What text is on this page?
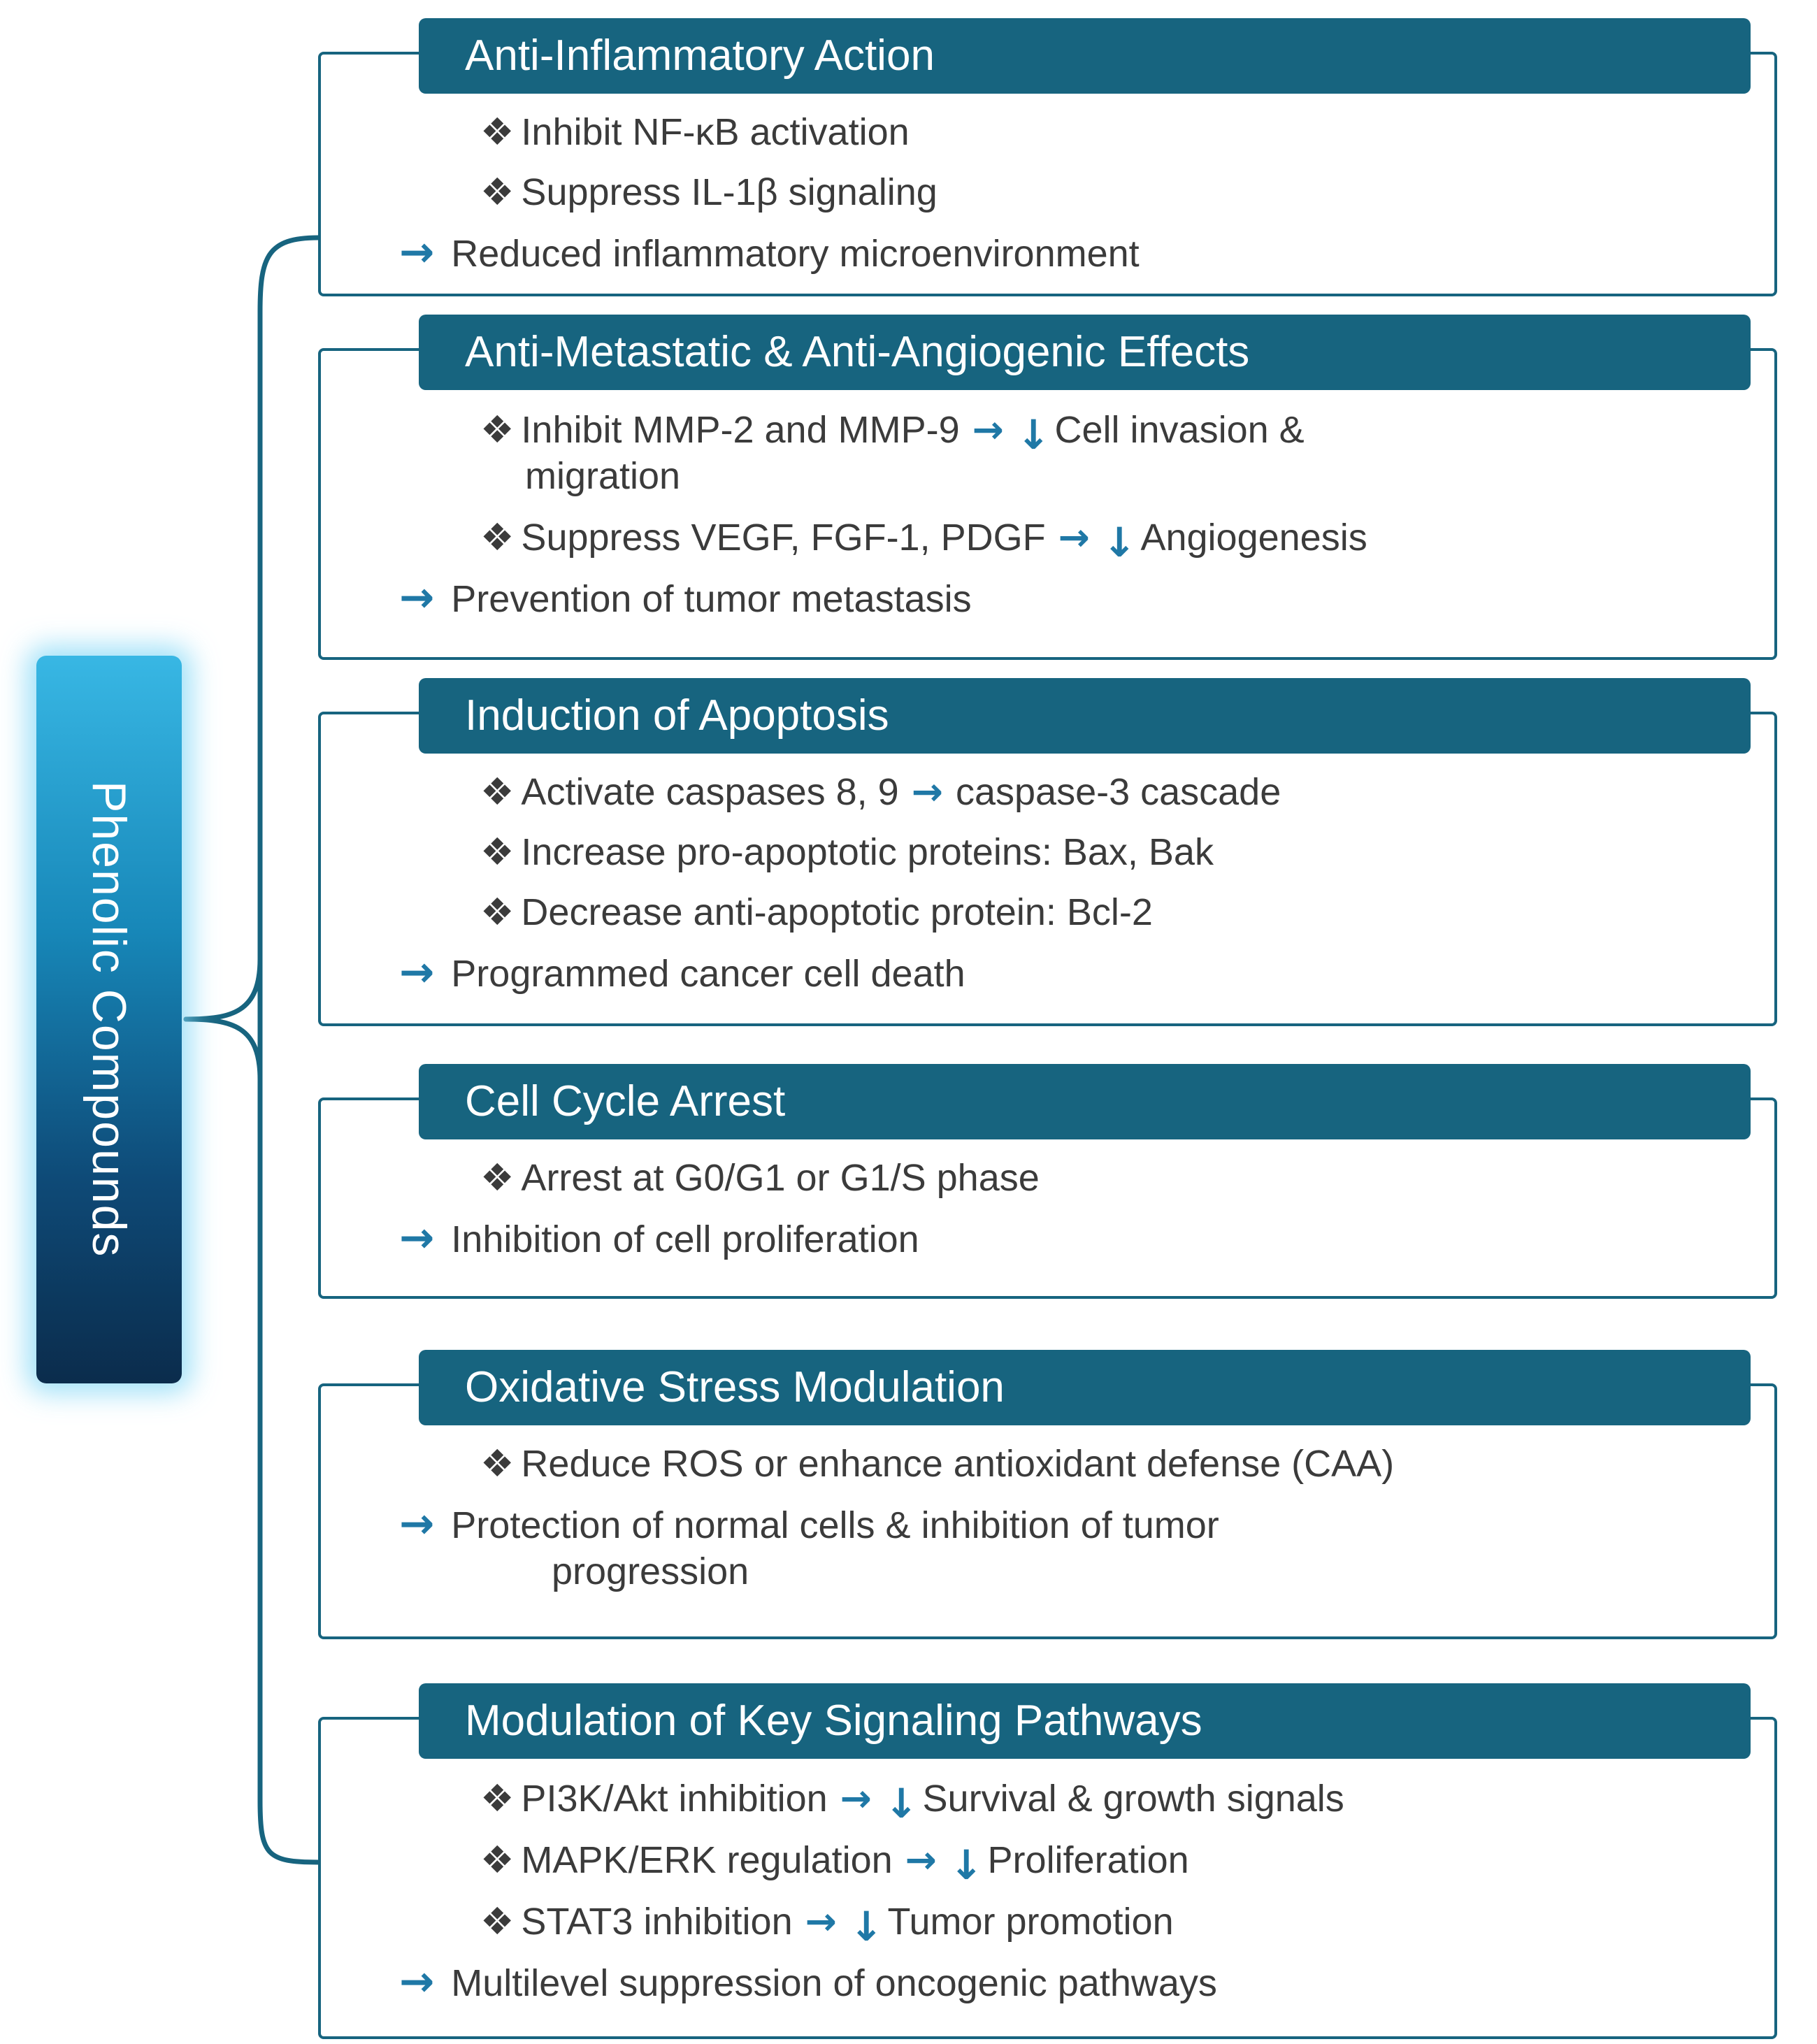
Phenolic Compounds
Anti-Inflammatory Action
❖ Inhibit NF-κB activation
❖ Suppress IL-1β signaling
→ Reduced inflammatory microenvironment
Anti-Metastatic & Anti-Angiogenic Effects
❖ Inhibit MMP-2 and MMP-9 → ↓ Cell invasion &
migration
❖ Suppress VEGF, FGF-1, PDGF → ↓ Angiogenesis
→ Prevention of tumor metastasis
Induction of Apoptosis
❖ Activate caspases 8, 9 → caspase-3 cascade
❖ Increase pro-apoptotic proteins: Bax, Bak
❖ Decrease anti-apoptotic protein: Bcl-2
→ Programmed cancer cell death
Cell Cycle Arrest
❖ Arrest at G0/G1 or G1/S phase
→ Inhibition of cell proliferation
Oxidative Stress Modulation
❖ Reduce ROS or enhance antioxidant defense (CAA)
→ Protection of normal cells & inhibition of tumor
progression
Modulation of Key Signaling Pathways
❖ PI3K/Akt inhibition → ↓ Survival & growth signals
❖ MAPK/ERK regulation → ↓ Proliferation
❖ STAT3 inhibition → ↓ Tumor promotion
→ Multilevel suppression of oncogenic pathways
